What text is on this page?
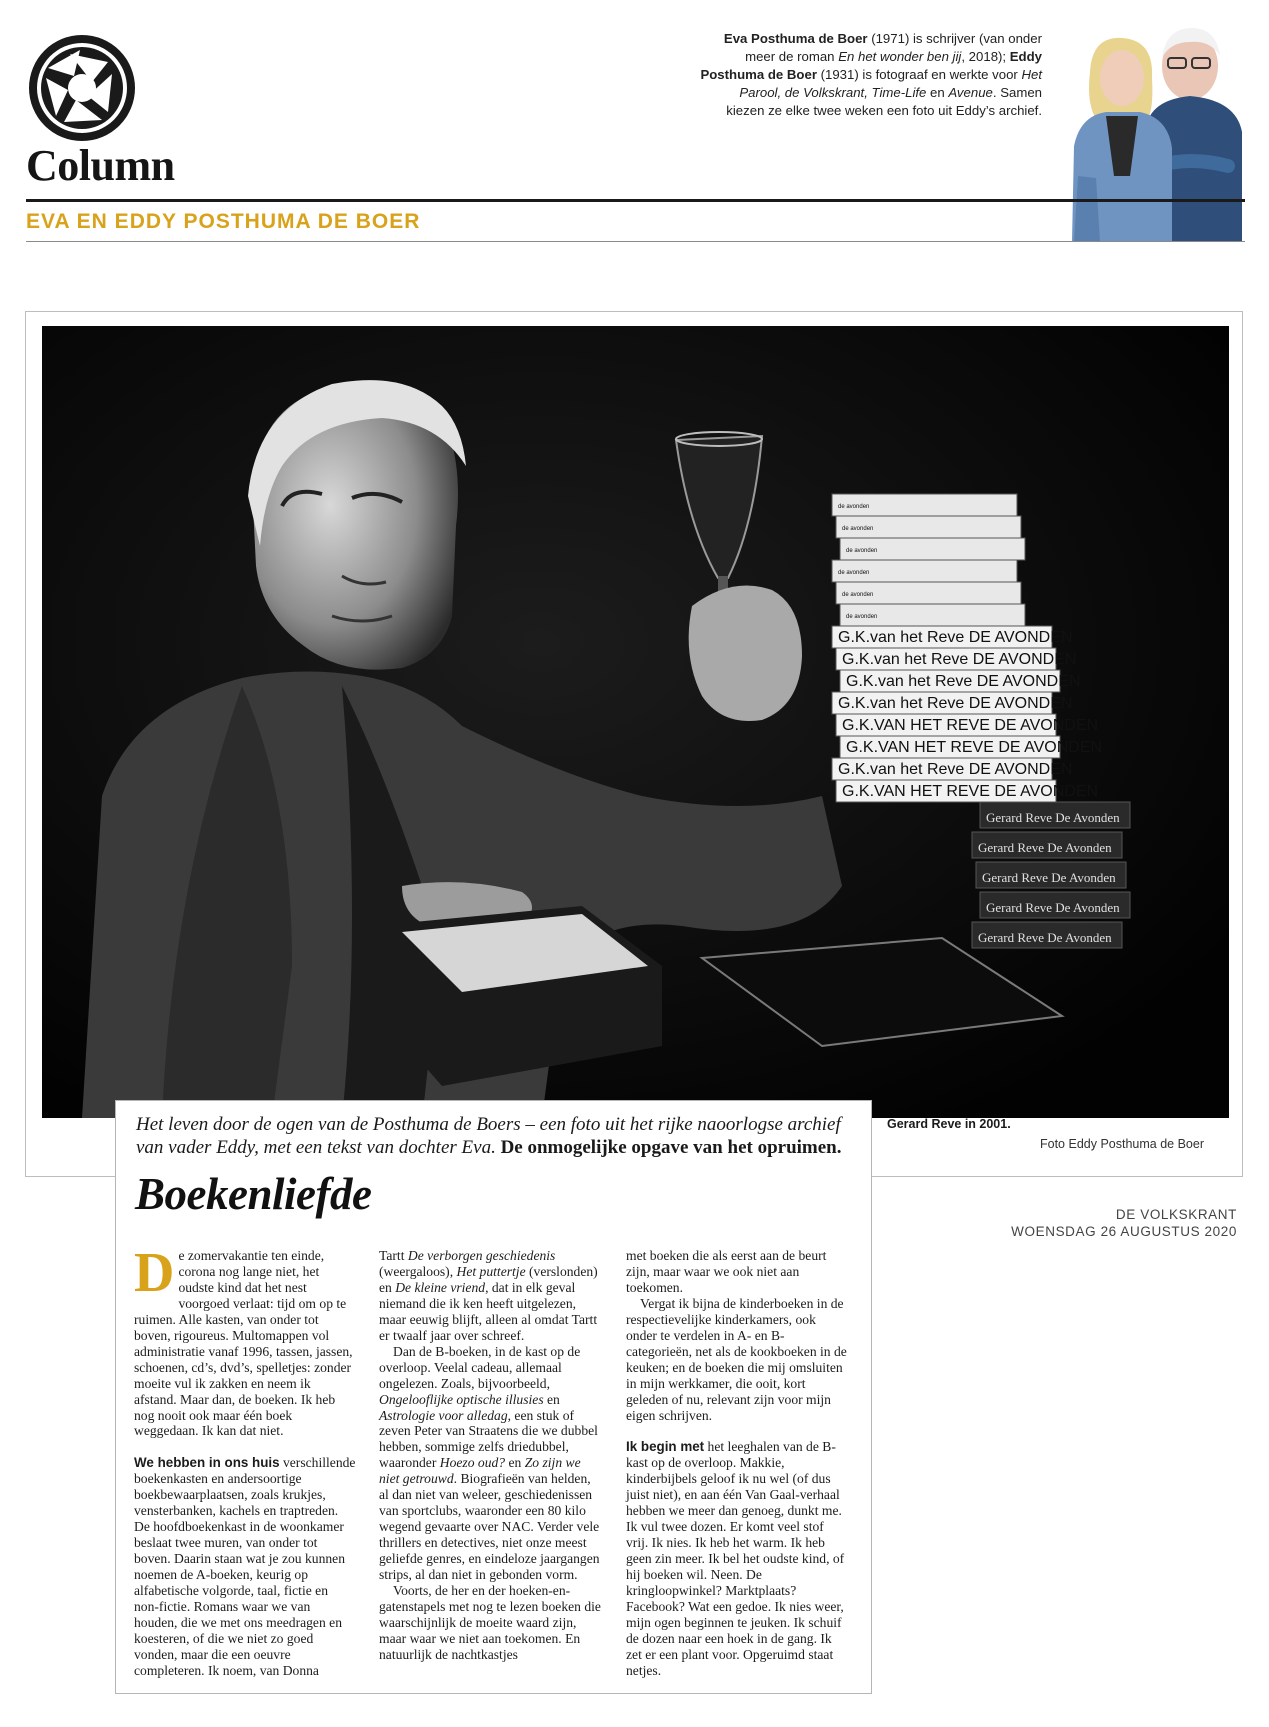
Column
Eva Posthuma de Boer (1971) is schrijver (van onder meer de roman En het wonder ben jij, 2018); Eddy Posthuma de Boer (1931) is fotograaf en werkte voor Het Parool, de Volkskrant, Time-Life en Avenue. Samen kiezen ze elke twee weken een foto uit Eddy’s archief.
EVA EN EDDY POSTHUMA DE BOER
de avonden
de avonden
de avonden
de avonden
de avonden
de avonden
G.K.van het Reve DE AVONDEN
G.K.van het Reve DE AVONDEN
G.K.van het Reve DE AVONDEN
G.K.van het Reve DE AVONDEN
G.K.VAN HET REVE DE AVONDEN
G.K.VAN HET REVE DE AVONDEN
G.K.van het Reve DE AVONDEN
G.K.VAN HET REVE DE AVONDEN
Gerard Reve De Avonden
Gerard Reve De Avonden
Gerard Reve De Avonden
Gerard Reve De Avonden
Gerard Reve De Avonden
Gerard Reve in 2001.
Foto Eddy Posthuma de Boer
Het leven door de ogen van de Posthuma de Boers – een foto uit het rijke naoorlogse archief van vader Eddy, met een tekst van dochter Eva. De onmogelijke opgave van het opruimen.
Boekenliefde

De zomervakantie ten einde, corona nog lange niet, het oudste kind dat het nest voorgoed verlaat: tijd om op te ruimen. Alle kasten, van onder tot boven, rigoureus. Multomappen vol administratie vanaf 1996, tassen, jassen, schoenen, cd’s, dvd’s, spelletjes: zonder moeite vul ik zakken en neem ik afstand. Maar dan, de boeken. Ik heb nog nooit ook maar één boek weggedaan. Ik kan dat niet.

We hebben in ons huis verschillende boekenkasten en andersoortige boekbewaarplaatsen, zoals krukjes, vensterbanken, kachels en traptreden. De hoofdboekenkast in de woonkamer beslaat twee muren, van onder tot boven. Daarin staan wat je zou kunnen noemen de A-boeken, keurig op alfabetische volgorde, taal, fictie en non-fictie. Romans waar we van houden, die we met ons meedragen en koesteren, of die we niet zo goed vonden, maar die een oeuvre completeren. Ik noem, van Donna

Tartt De verborgen geschiedenis (weergaloos), Het puttertje (verslonden) en De kleine vriend, dat in elk geval niemand die ik ken heeft uitgelezen, maar eeuwig blijft, alleen al omdat Tartt er twaalf jaar over schreef.

Dan de B-boeken, in de kast op de overloop. Veelal cadeau, allemaal ongelezen. Zoals, bijvoorbeeld, Ongelooflijke optische illusies en Astrologie voor alledag, een stuk of zeven Peter van Straatens die we dubbel hebben, sommige zelfs driedubbel, waaronder Hoezo oud? en Zo zijn we niet getrouwd. Biografieën van helden, al dan niet van weleer, geschiedenissen van sportclubs, waaronder een 80 kilo wegend gevaarte over NAC. Verder vele thrillers en detectives, niet onze meest geliefde genres, en eindeloze jaargangen strips, al dan niet in gebonden vorm.

Voorts, de her en der hoeken-en-gatenstapels met nog te lezen boeken die waarschijnlijk de moeite waard zijn, maar waar we niet aan toekomen. En natuurlijk de nachtkastjes

met boeken die als eerst aan de beurt zijn, maar waar we ook niet aan toekomen.

Vergat ik bijna de kinderboeken in de respectievelijke kinderkamers, ook onder te verdelen in A- en B-categorieën, net als de kookboeken in de keuken; en de boeken die mij omsluiten in mijn werkkamer, die ooit, kort geleden of nu, relevant zijn voor mijn eigen schrijven.

Ik begin met het leeghalen van de B-kast op de overloop. Makkie, kinderbijbels geloof ik nu wel (of dus juist niet), en aan één Van Gaal-verhaal hebben we meer dan genoeg, dunkt me. Ik vul twee dozen. Er komt veel stof vrij. Ik nies. Ik heb het warm. Ik heb geen zin meer. Ik bel het oudste kind, of hij boeken wil. Neen. De kringloopwinkel? Marktplaats? Facebook? Wat een gedoe. Ik nies weer, mijn ogen beginnen te jeuken. Ik schuif de dozen naar een hoek in de gang. Ik zet er een plant voor. Opgeruimd staat netjes.

DE VOLKSKRANT
WOENSDAG 26 AUGUSTUS 2020
